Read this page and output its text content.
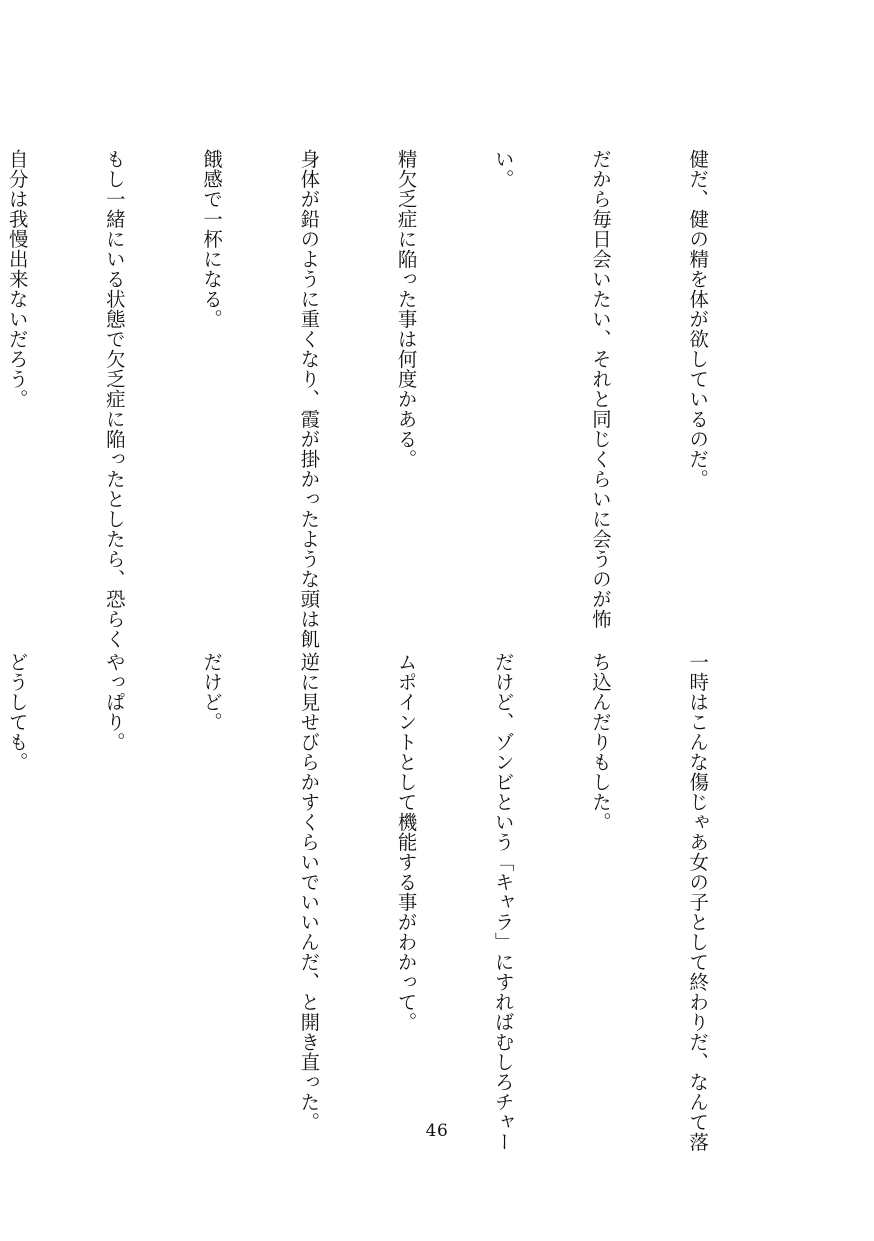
健だ、健の精を体が欲しているのだ。

だから毎日会いたい、それと同じくらいに会うのが怖

い。

精欠乏症に陥った事は何度かある。

身体が鉛のように重くなり、霞が掛かったような頭は飢

餓感で一杯になる。

もし一緒にいる状態で欠乏症に陥ったとしたら、恐らく

自分は我慢出来ないだろう。

一時はこんな傷じゃあ女の子として終わりだ、なんて落

ち込んだりもした。

だけど、ゾンビという「キャラ」にすればむしろチャー

ムポイントとして機能する事がわかって。

逆に見せびらかすくらいでいいんだ、と開き直った。

だけど。

やっぱり。

どうしても。

46
